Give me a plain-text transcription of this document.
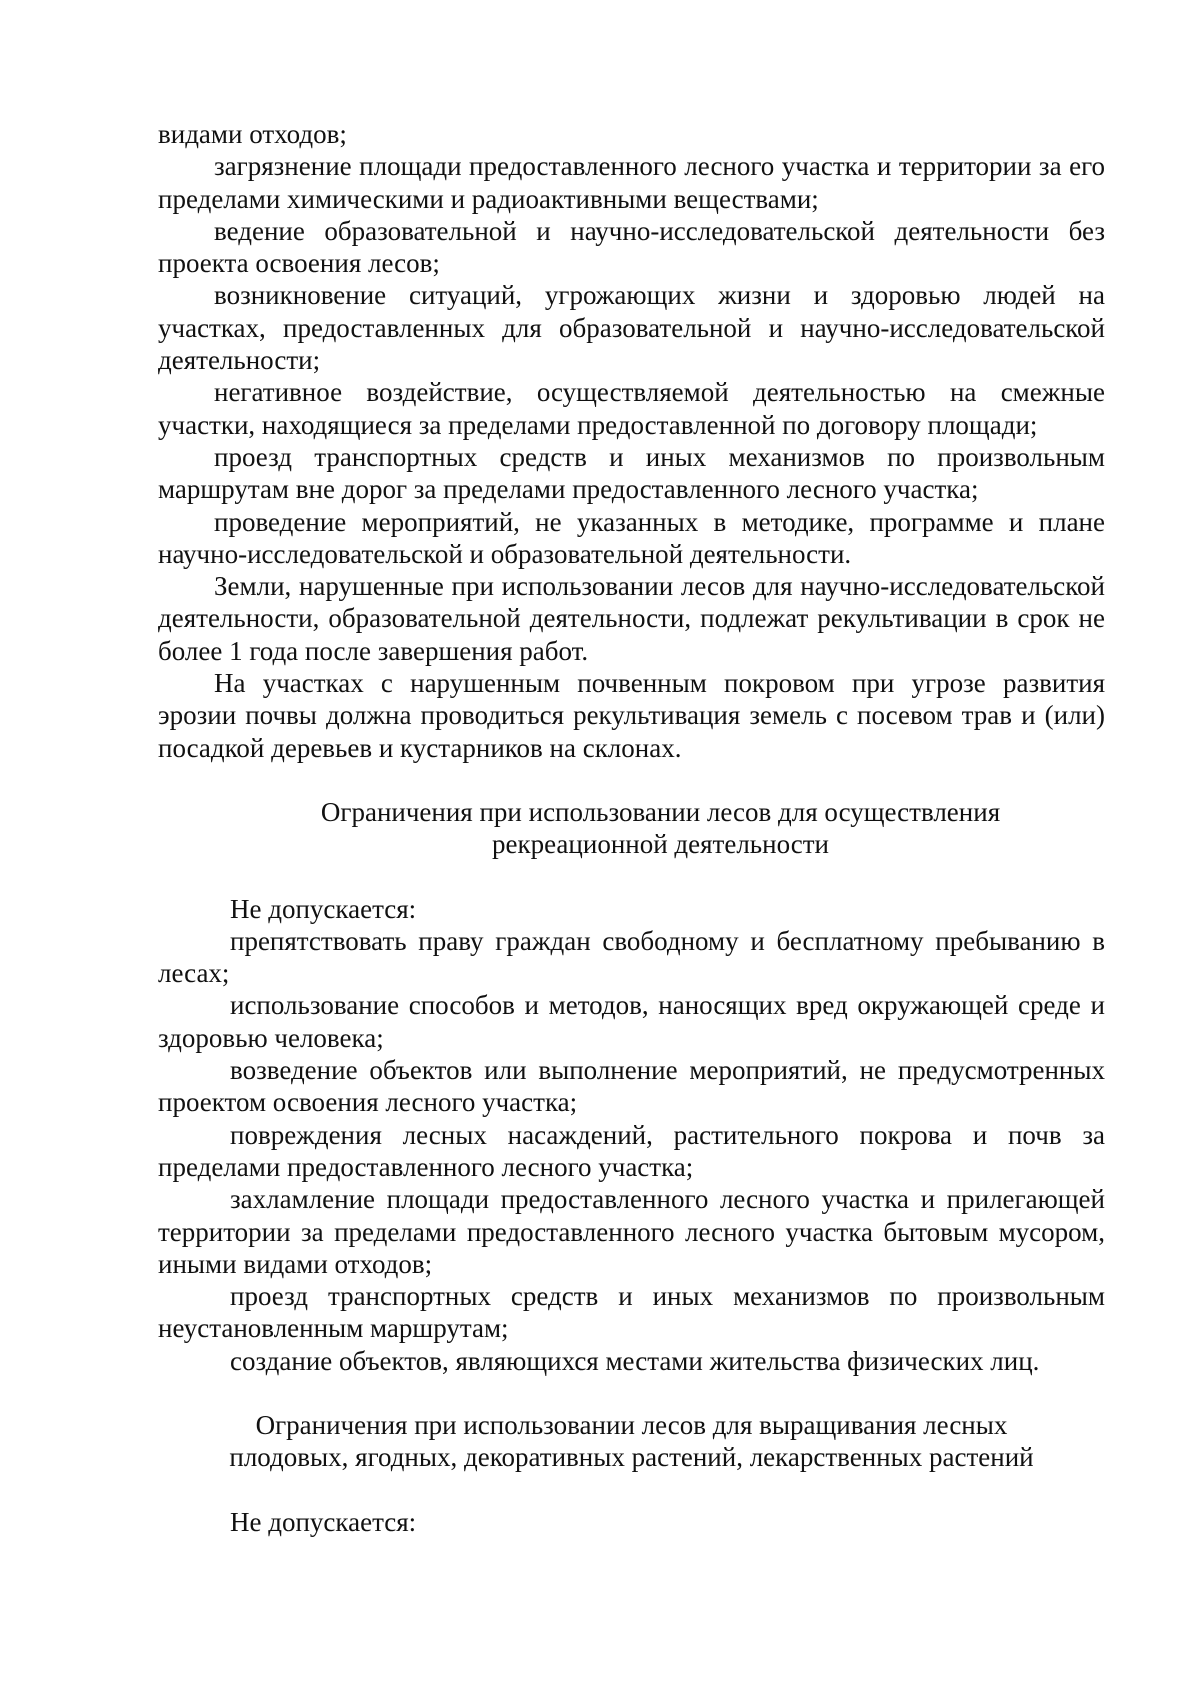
видами отходов;

загрязнение площади предоставленного лесного участка и территории за его пределами химическими и радиоактивными веществами;

ведение образовательной и научно-исследовательской деятельности без проекта освоения лесов;

возникновение ситуаций, угрожающих жизни и здоровью людей на участках, предоставленных для образовательной и научно-исследовательской деятельности;

негативное воздействие, осуществляемой деятельностью на смежные участки, находящиеся за пределами предоставленной по договору площади;

проезд транспортных средств и иных механизмов по произвольным маршрутам вне дорог за пределами предоставленного лесного участка;

проведение мероприятий, не указанных в методике, программе и плане научно-исследовательской и образовательной деятельности.

Земли, нарушенные при использовании лесов для научно-исследовательской деятельности, образовательной деятельности, подлежат рекультивации в срок не более 1 года после завершения работ.

На участках с нарушенным почвенным покровом при угрозе развития эрозии почвы должна проводиться рекультивация земель с посевом трав и (или) посадкой деревьев и кустарников на склонах.

Ограничения при использовании лесов для осуществления
рекреационной деятельности

Не допускается:

препятствовать праву граждан свободному и бесплатному пребыванию в лесах;

использование способов и методов, наносящих вред окружающей среде и здоровью человека;

возведение объектов или выполнение мероприятий, не предусмотренных проектом освоения лесного участка;

повреждения лесных насаждений, растительного покрова и почв за пределами предоставленного лесного участка;

захламление площади предоставленного лесного участка и прилегающей территории за пределами предоставленного лесного участка бытовым мусором, иными видами отходов;

проезд транспортных средств и иных механизмов по произвольным неустановленным маршрутам;

создание объектов, являющихся местами жительства физических лиц.

Ограничения при использовании лесов для выращивания лесных
плодовых, ягодных, декоративных растений, лекарственных растений

Не допускается:
